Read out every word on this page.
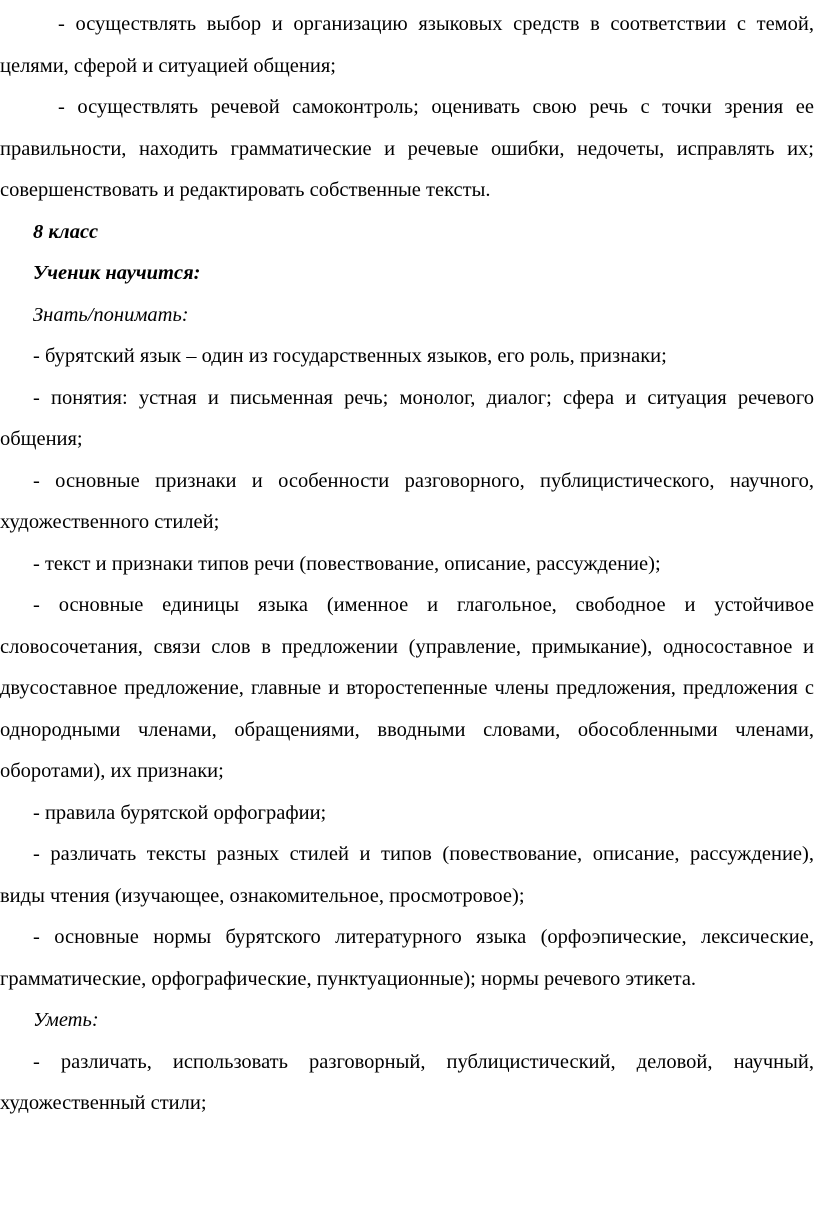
- осуществлять выбор и организацию языковых средств в соответствии с темой, целями, сферой и ситуацией общения;

- осуществлять речевой самоконтроль; оценивать свою речь с точки зрения ее правильности, находить грамматические и речевые ошибки, недочеты, исправлять их; совершенствовать и редактировать собственные тексты.

8 класс

Ученик научится:

Знать/понимать:

- бурятский язык – один из государственных языков, его роль, признаки;

- понятия: устная и письменная речь; монолог, диалог; сфера и ситуация речевого общения;

- основные признаки и особенности разговорного, публицистического, научного, художественного стилей;

- текст и признаки типов речи (повествование, описание, рассуждение);

- основные единицы языка (именное и глагольное, свободное и устойчивое словосочетания, связи слов в предложении (управление, примыкание), односоставное и двусоставное предложение, главные и второстепенные члены предложения, предложения с однородными членами, обращениями, вводными словами, обособленными членами, оборотами), их признаки;

- правила бурятской орфографии;

- различать тексты разных стилей и типов (повествование, описание, рассуждение), виды чтения (изучающее, ознакомительное, просмотровое);

- основные нормы бурятского литературного языка (орфоэпические, лексические, грамматические, орфографические, пунктуационные); нормы речевого этикета.

Уметь:

- различать, использовать разговорный, публицистический, деловой, научный, художественный стили;
